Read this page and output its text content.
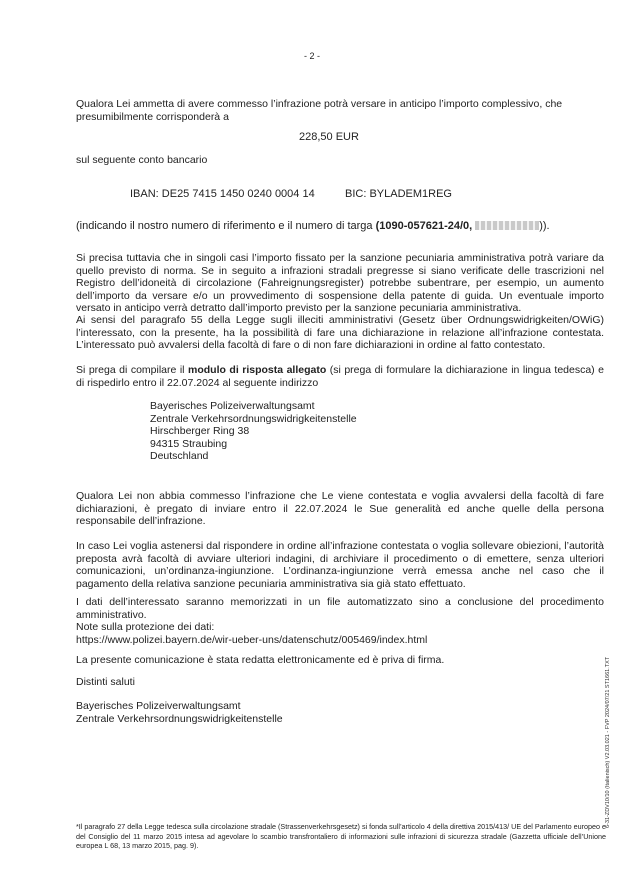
- 2 -
Qualora Lei ammetta di avere commesso l’infrazione potrà versare in anticipo l’importo complessivo, che presumibilmente corrisponderà a
228,50 EUR
sul seguente conto bancario
IBAN: DE25 7415 1450 0240 0004 14	BIC: BYLADEM1REG
(indicando il nostro numero di riferimento e il numero di targa (1090-057621-24/0,	)).
Si precisa tuttavia che in singoli casi l’importo fissato per la sanzione pecuniaria amministrativa potrà variare da quello previsto di norma. Se in seguito a infrazioni stradali pregresse si siano verificate delle trascrizioni nel Registro dell’idoneità di circolazione (Fahreignungsregister) potrebbe subentrare, per esempio, un aumento dell’importo da versare e/o un provvedimento di sospensione della patente di guida. Un eventuale importo versato in anticipo verrà detratto dall’importo previsto per la sanzione pecuniaria amministrativa.
Ai sensi del paragrafo 55 della Legge sugli illeciti amministrativi (Gesetz über Ordnungswidrigkeiten/OWiG) l’interessato, con la presente, ha la possibilità di fare una dichiarazione in relazione all’infrazione contestata. L’interessato può avvalersi della facoltà di fare o di non fare dichiarazioni in ordine al fatto contestato.
Si prega di compilare il modulo di risposta allegato (si prega di formulare la dichiarazione in lingua tedesca) e di rispedirlo entro il 22.07.2024 al seguente indirizzo
Bayerisches Polizeiverwaltungsamt
Zentrale Verkehrsordnungswidrigkeitenstelle
Hirschberger Ring 38
94315 Straubing
Deutschland
Qualora Lei non abbia commesso l’infrazione che Le viene contestata e voglia avvalersi della facoltà di fare dichiarazioni, è pregato di inviare entro il 22.07.2024 le Sue generalità ed anche quelle della persona responsabile dell’infrazione.
In caso Lei voglia astenersi dal rispondere in ordine all’infrazione contestata o voglia sollevare obiezioni, l’autorità preposta avrà facoltà di avviare ulteriori indagini, di archiviare il procedimento o di emettere, senza ulteriori comunicazioni, un’ordinanza-ingiunzione. L’ordinanza-ingiunzione verrà emessa anche nel caso che il pagamento della relativa sanzione pecuniaria amministrativa sia già stato effettuato.
I dati dell’interessato saranno memorizzati in un file automatizzato sino a conclusione del procedimento amministrativo.
Note sulla protezione dei dati:
https://www.polizei.bayern.de/wir-ueber-uns/datenschutz/005469/index.html
La presente comunicazione è stata redatta elettronicamente ed è priva di firma.
Distinti saluti
Bayerisches Polizeiverwaltungsamt
Zentrale Verkehrsordnungswidrigkeitenstelle
*Il paragrafo 27 della Legge tedesca sulla circolazione stradale (Strassenverkehrsgesetz) si fonda sull’articolo 4 della direttiva 2015/413/ UE del Parlamento europeo e del Consiglio del 11 marzo 2015 intesa ad agevolare lo scambio transfrontaliero di informazioni sulle infrazioni di sicurezza stradale (Gazzetta ufficiale dell’Unione europea L 68, 13 marzo 2015, pag. 9).
6-31-ZDV10/10 (Italienisch) V2.03.021 - FVP 2024/07/21 ST1661.TXT
